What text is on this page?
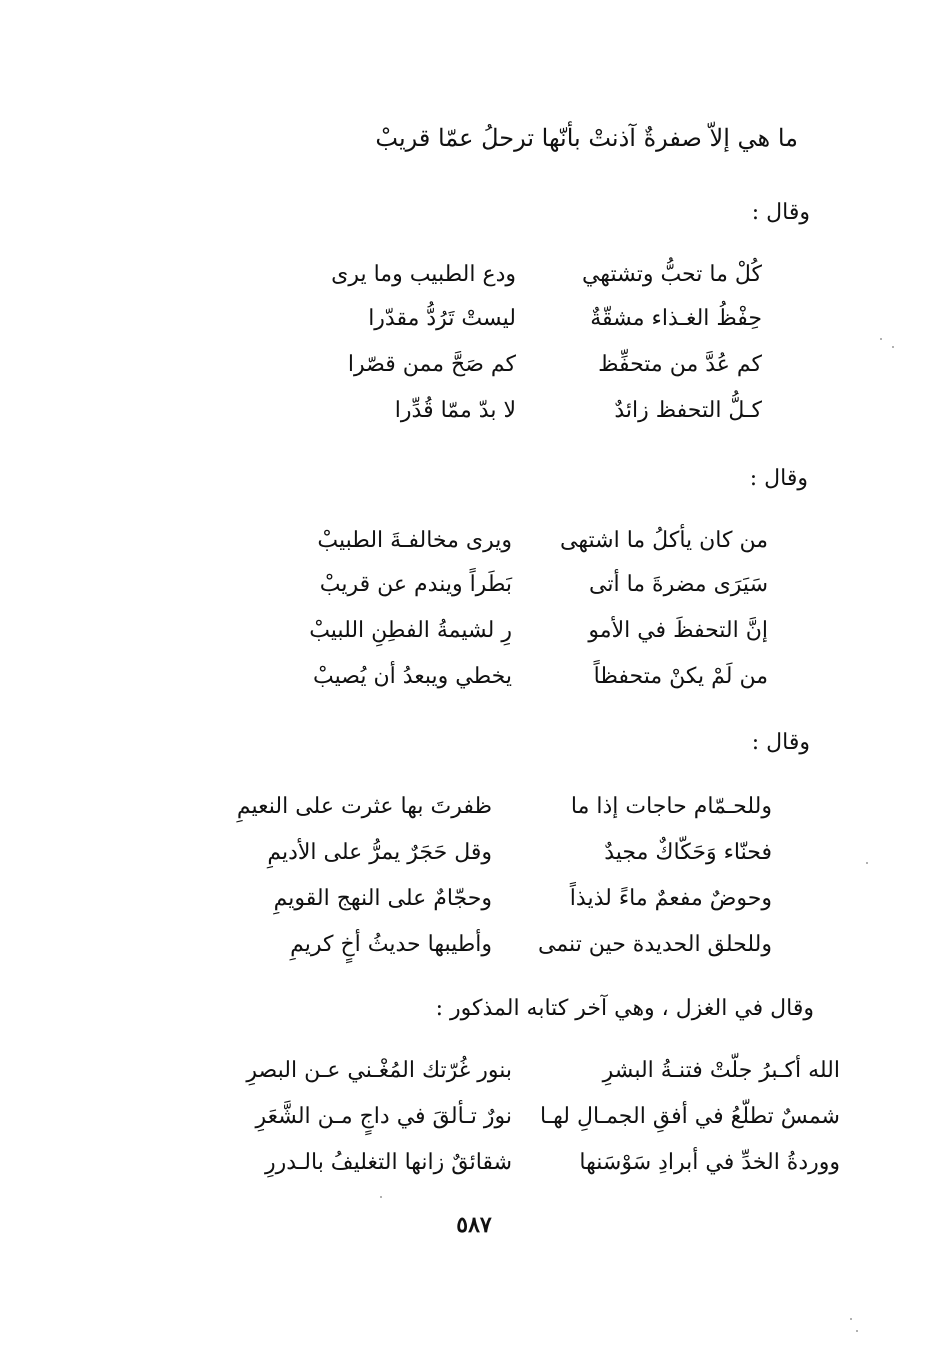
ما هي إلاّ صفرةٌ آذنتْ بأنّها ترحلُ عمّا قريبْ
وقال :
كُلْ ما تحبُّ وتشتهي
ودع الطبيب وما يرى
حِفْظُ الغـذاء مشقّةٌ
ليستْ تَرُدُّ مقدّرا
كم عُدَّ من متحفِّظ
كم صَحَّ ممن قصّرا
كـلُّ التحفظ زائدٌ
لا بدّ ممّا قُدِّرا
وقال :
من كان يأكلُ ما اشتهى
ويرى مخالفـةَ الطبيبْ
سَيَرَى مضرةَ ما أتى
بَطَراً ويندم عن قريبْ
إنَّ التحفظَ في الأمو
رِ لشيمةُ الفطِنِ اللبيبْ
من لَمْ يكنْ متحفظاً
يخطي ويبعدُ أن يُصيبْ
وقال :
وللحـمّام حاجات إذا ما
ظفرتَ بها عثرت على النعيمِ
فحنّاء وَحَكّاكٌ مجيدٌ
وقل حَجَرٌ يمرُّ على الأديمِ
وحوضٌ مفعمٌ ماءً لذيذاً
وحجّامٌ على النهج القويمِ
وللحلق الحديدة حين تنمى
وأطيبها حديثُ أخٍ كريمِ
وقال في الغزل ، وهي آخر كتابه المذكور :
الله أكـبرُ جلّتْ فتنـةُ البشرِ
بنور غُرّتك المُغْـني عـن البصرِ
شمسٌ تطلّعُ في أفقِ الجمـالِ لهـا
نورٌ تـألقَ في داجٍ مـن الشَّعَرِ
ووردةُ الخدِّ في أبرادِ سَوْسَنها
شقائقٌ زانها التغليفُ بالـدررِ
٥٨٧
